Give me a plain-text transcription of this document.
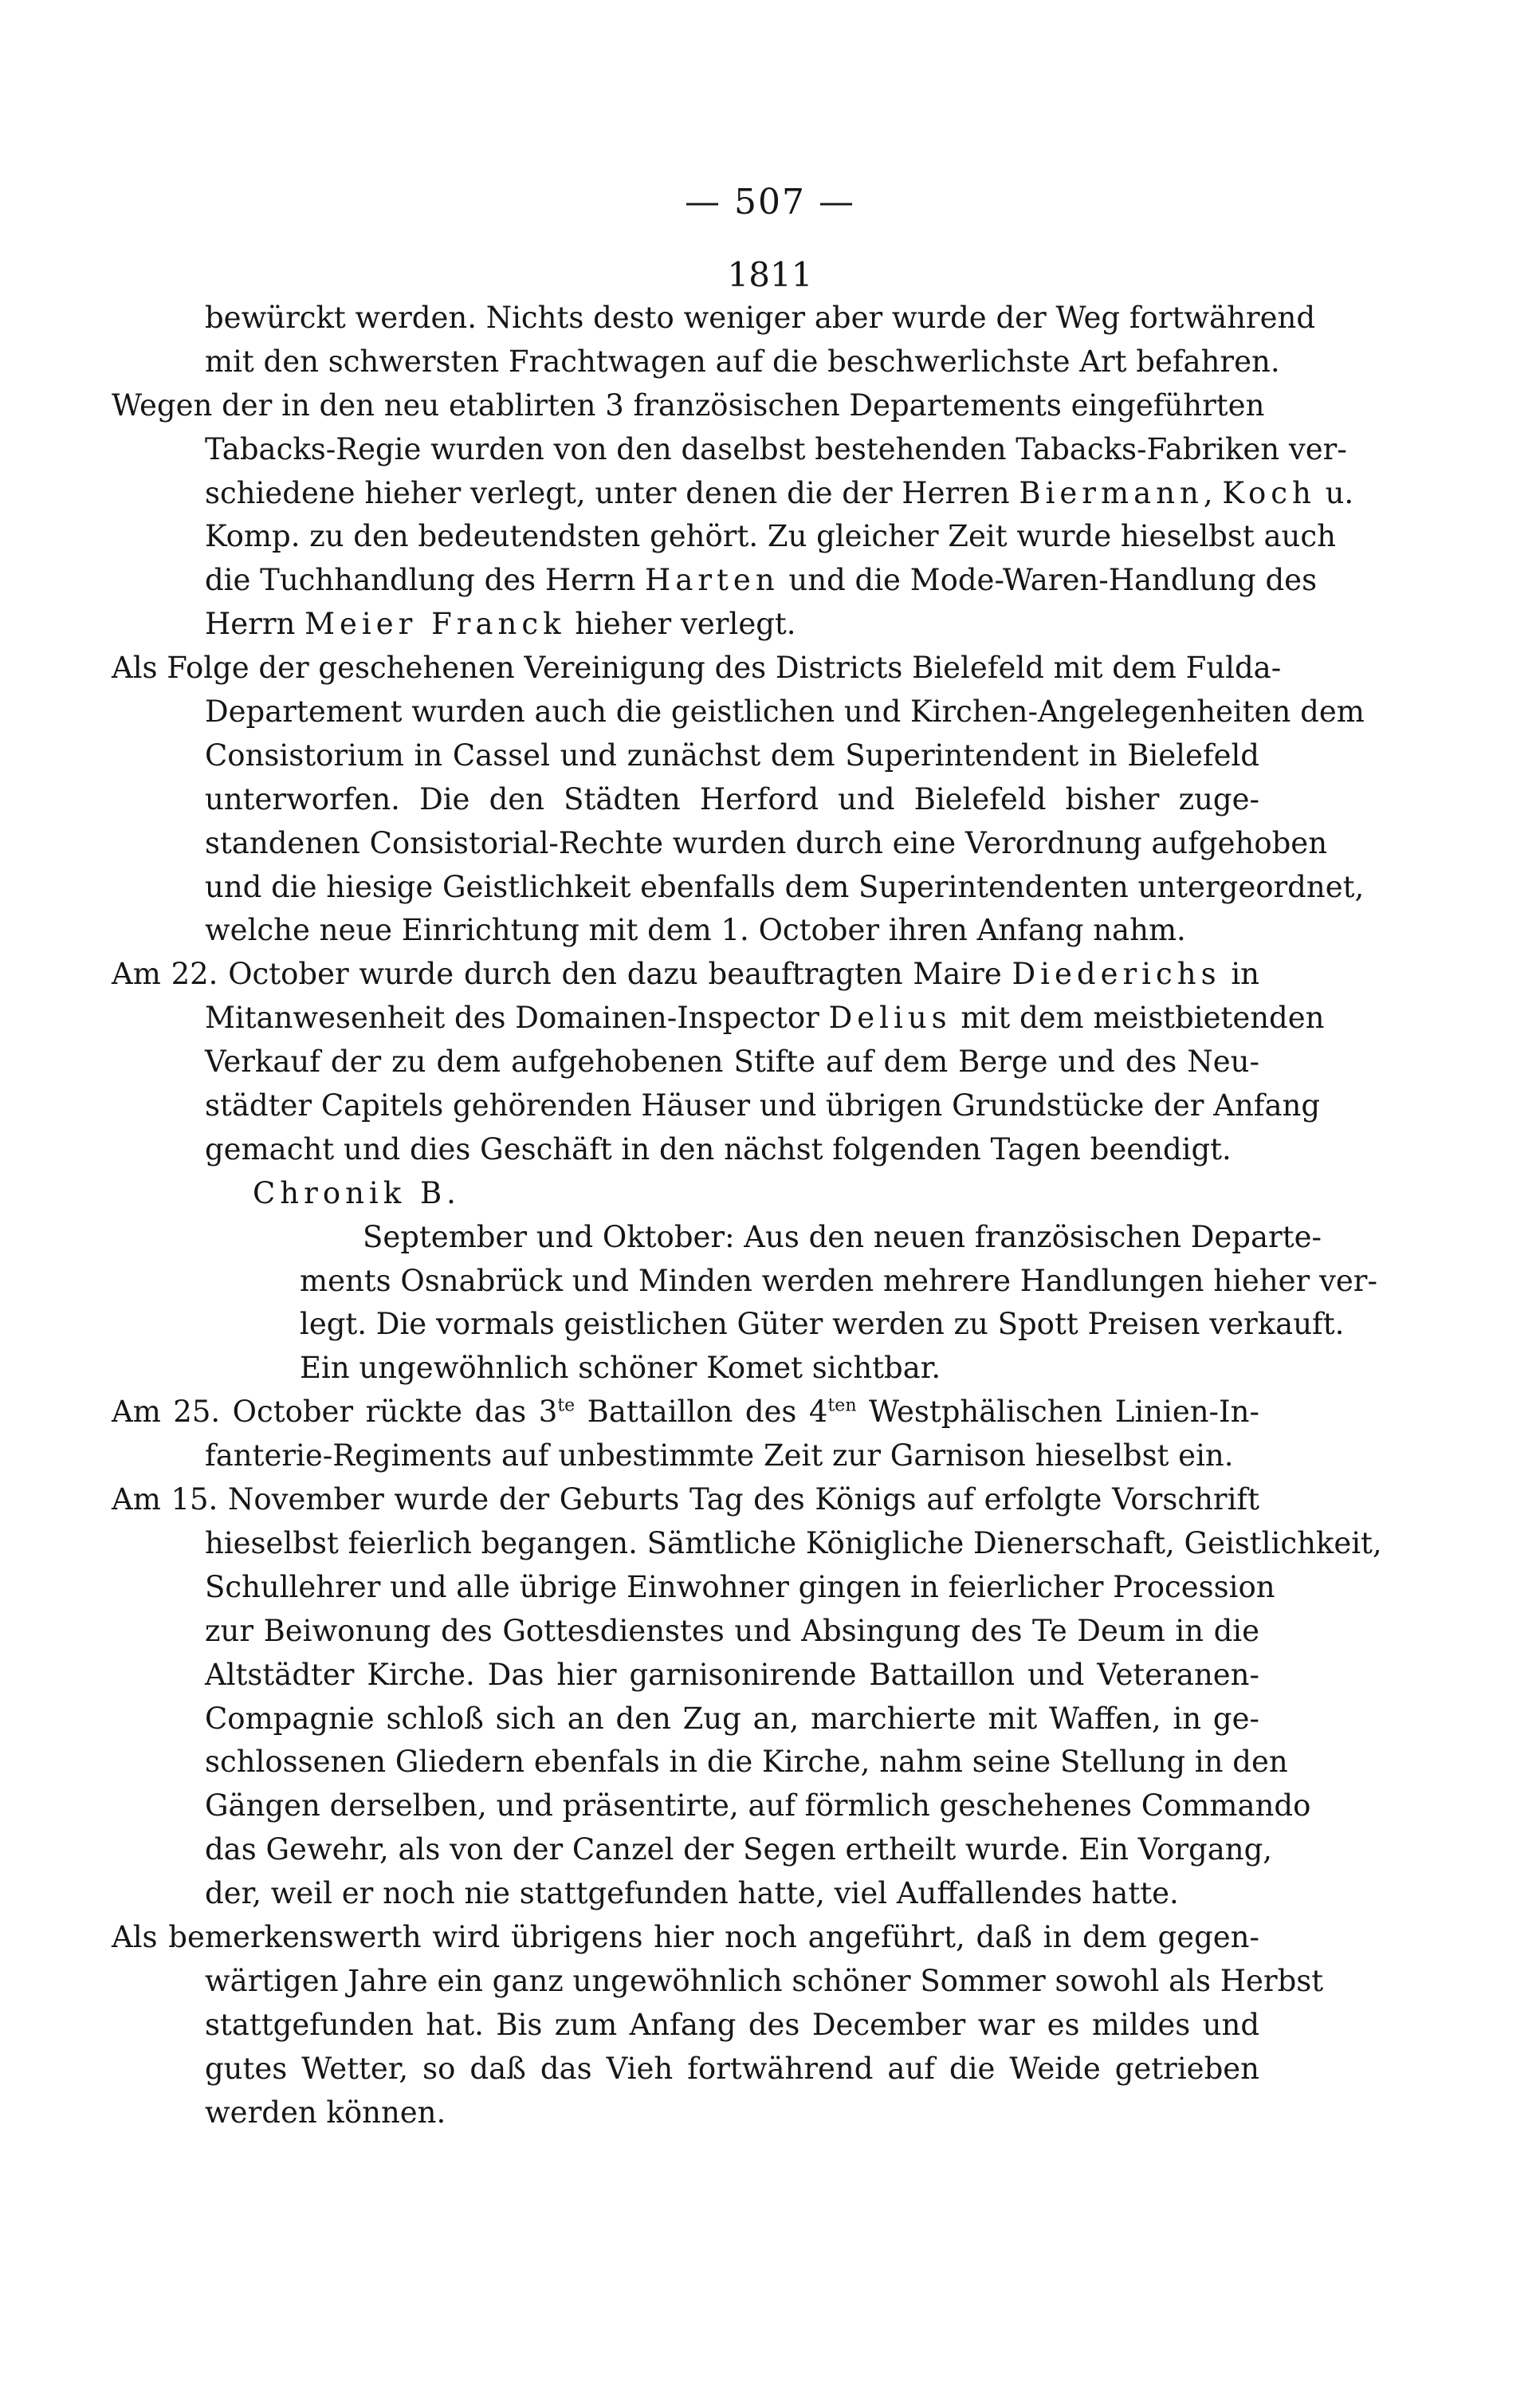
— 507 —
1811
bewürckt werden. Nichts desto weniger aber wurde der Weg fortwährend
mit den schwersten Frachtwagen auf die beschwerlichste Art befahren.
Wegen der in den neu etablirten 3 französischen Departements eingeführten
Tabacks-Regie wurden von den daselbst bestehenden Tabacks-Fabriken ver-
schiedene hieher verlegt, unter denen die der Herren Biermann, Koch u.
Komp. zu den bedeutendsten gehört. Zu gleicher Zeit wurde hieselbst auch
die Tuchhandlung des Herrn Harten und die Mode-Waren-Handlung des
Herrn Meier Franck hieher verlegt.
Als Folge der geschehenen Vereinigung des Districts Bielefeld mit dem Fulda-
Departement wurden auch die geistlichen und Kirchen-Angelegenheiten dem
Consistorium in Cassel und zunächst dem Superintendent in Bielefeld
unterworfen. Die den Städten Herford und Bielefeld bisher zuge-
standenen Consistorial-Rechte wurden durch eine Verordnung aufgehoben
und die hiesige Geistlichkeit ebenfalls dem Superintendenten untergeordnet,
welche neue Einrichtung mit dem 1. October ihren Anfang nahm.
Am 22. October wurde durch den dazu beauftragten Maire Diederichs in
Mitanwesenheit des Domainen-Inspector Delius mit dem meistbietenden
Verkauf der zu dem aufgehobenen Stifte auf dem Berge und des Neu-
städter Capitels gehörenden Häuser und übrigen Grundstücke der Anfang
gemacht und dies Geschäft in den nächst folgenden Tagen beendigt.
Chronik B.
September und Oktober: Aus den neuen französischen Departe-
ments Osnabrück und Minden werden mehrere Handlungen hieher ver-
legt. Die vormals geistlichen Güter werden zu Spott Preisen verkauft.
Ein ungewöhnlich schöner Komet sichtbar.
Am 25. October rückte das $3^{te}$ Battaillon des $4^{ten}$ Westphälischen Linien-In-
fanterie-Regiments auf unbestimmte Zeit zur Garnison hieselbst ein.
Am 15. November wurde der Geburts Tag des Königs auf erfolgte Vorschrift
hieselbst feierlich begangen. Sämtliche Königliche Dienerschaft, Geistlichkeit,
Schullehrer und alle übrige Einwohner gingen in feierlicher Procession
zur Beiwonung des Gottesdienstes und Absingung des Te Deum in die
Altstädter Kirche. Das hier garnisonirende Battaillon und Veteranen-
Compagnie schloß sich an den Zug an, marchierte mit Waffen, in ge-
schlossenen Gliedern ebenfals in die Kirche, nahm seine Stellung in den
Gängen derselben, und präsentirte, auf förmlich geschehenes Commando
das Gewehr, als von der Canzel der Segen ertheilt wurde. Ein Vorgang,
der, weil er noch nie stattgefunden hatte, viel Auffallendes hatte.
Als bemerkenswerth wird übrigens hier noch angeführt, daß in dem gegen-
wärtigen Jahre ein ganz ungewöhnlich schöner Sommer sowohl als Herbst
stattgefunden hat. Bis zum Anfang des December war es mildes und
gutes Wetter, so daß das Vieh fortwährend auf die Weide getrieben
werden können.
